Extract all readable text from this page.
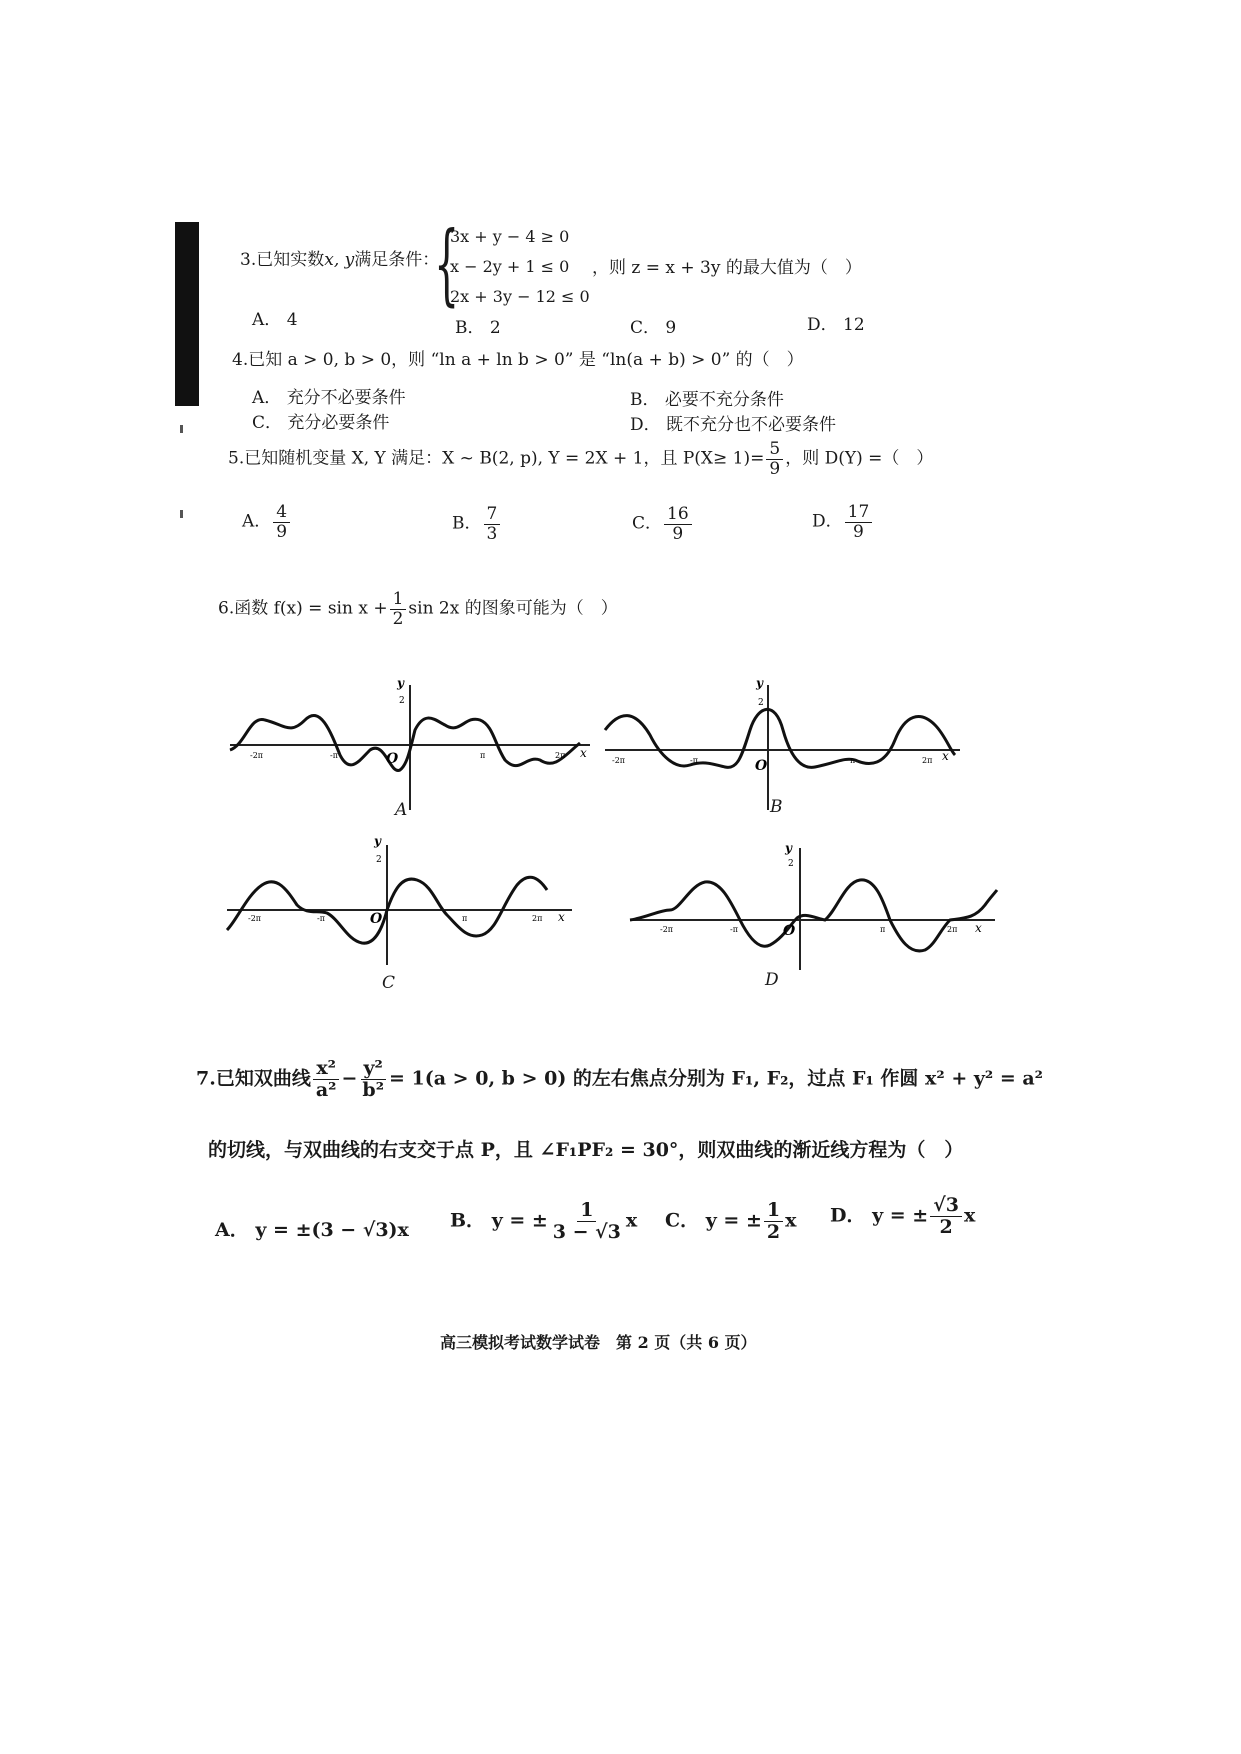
3.已知实数x, y满足条件：
{
3x + y − 4 ≥ 0
x − 2y + 1 ≤ 0
2x + 3y − 12 ≤ 0
，则 z = x + 3y 的最大值为（　）
A． 4	B． 2	C． 9	D． 12
4.已知 a > 0, b > 0，则 “ln a + ln b > 0” 是 “ln(a + b) > 0” 的（　）
A． 充分不必要条件	B． 必要不充分条件
C． 充分必要条件	D． 既不充分也不必要条件
5.已知随机变量 X, Y 满足：X ~ B(2, p), Y = 2X + 1，且 $P(X\ge 1)= \frac{5}{9}$ ，则 D(Y) =（　）
A． $\frac{4}{9}$	B． $\frac{7}{3}$	C． $\frac{16}{9}$	D． $\frac{17}{9}$
6.函数 $f(x) = \sin x + \frac{1}{2}$ sin 2x 的图象可能为（　）
y
2
O	x
-2π	-π	π	2π
A
y
2
O
x
-2π	-π	π	2π
B
y
2
O	x
-2π	-π	π	2π
C
y
2
O	x
-2π	-π	π	2π
D
7.已知双曲线 $\frac{\text{x²}}{\text{a²}} - \frac{\text{y²}}{\text{b²}} = 1(a > 0$, b > 0) 的左右焦点分别为 F₁, F₂，过点 F₁ 作圆 x² + y² = a²
的切线，与双曲线的右支交于点 P，且 ∠F₁PF₂ = 30°，则双曲线的渐近线方程为（　）
A． y = ±(3 − √3)x B． y = ± $\frac{1}{3 - √3}$ x C． y = ± $\frac{1}{2}$ x D． y = ± $\frac{√3}{2}$ x
高三模拟考试数学试卷　第 2 页（共 6 页）
